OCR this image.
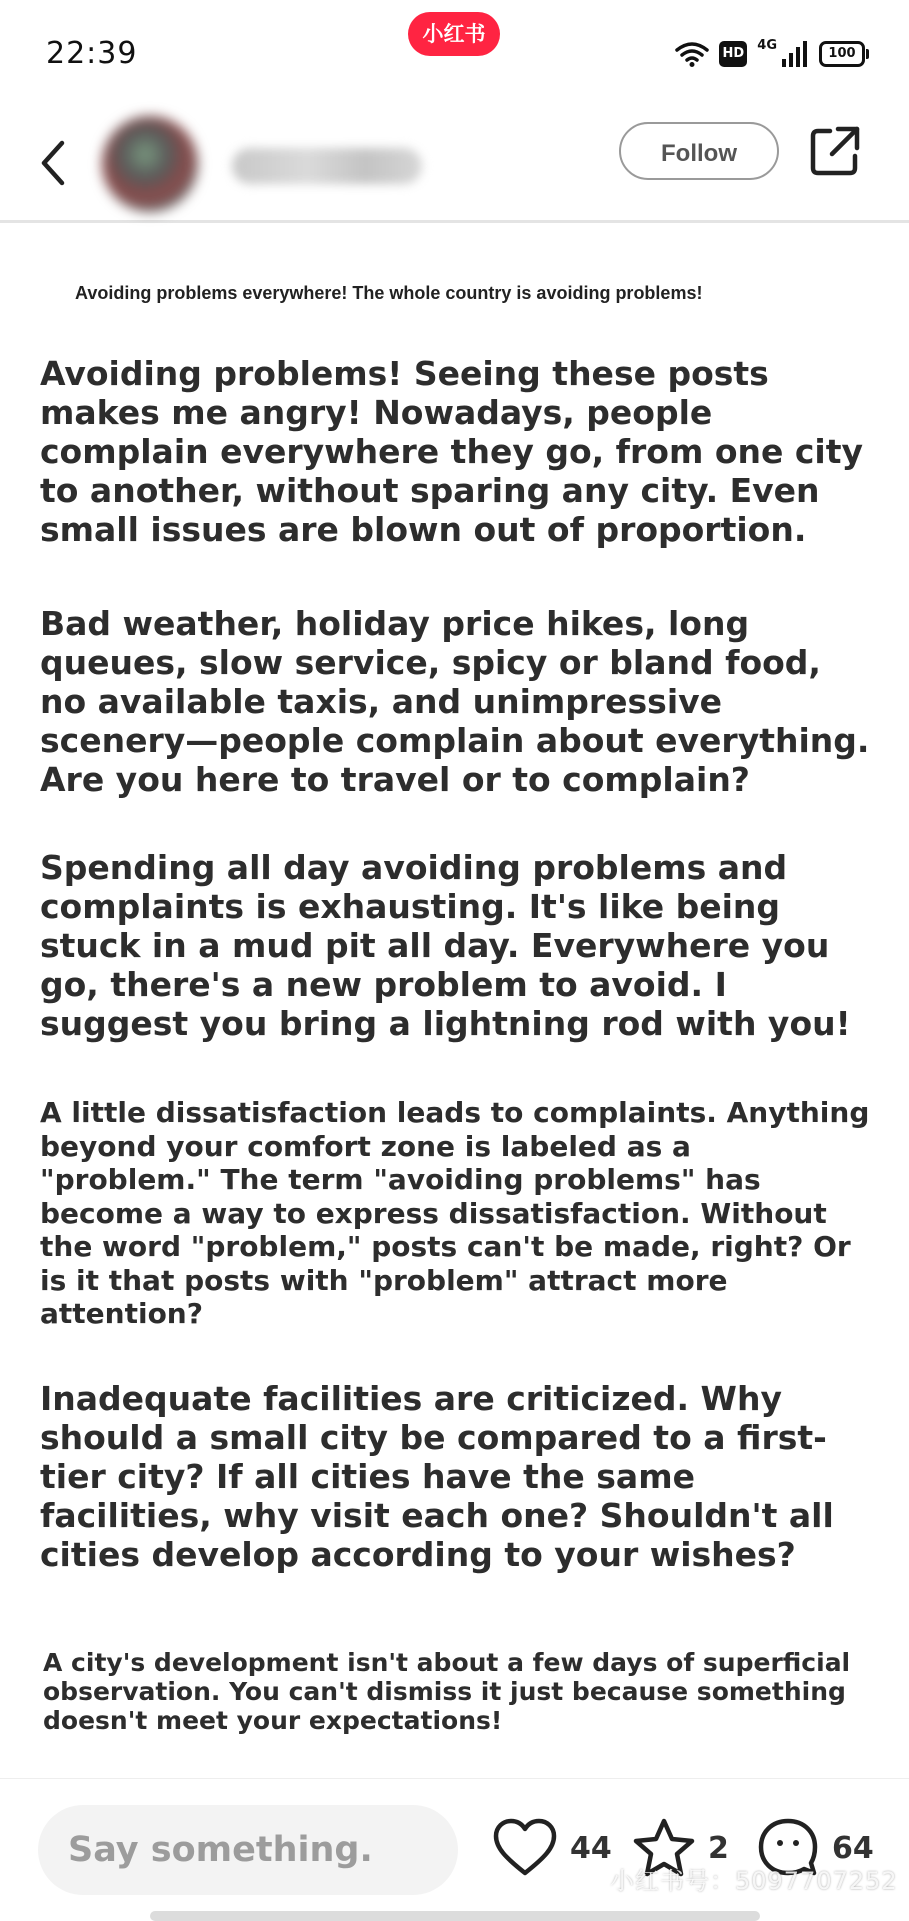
22:39
小红书
HD
4G
100
Follow
Avoiding problems everywhere! The whole country is avoiding problems!

Avoiding problems! Seeing these posts makes me angry! Nowadays, people complain everywhere they go, from one city to another, without sparing any city. Even small issues are blown out of proportion.

Bad weather, holiday price hikes, long queues, slow service, spicy or bland food, no available taxis, and unimpressive scenery—people complain about everything. Are you here to travel or to complain?

Spending all day avoiding problems and complaints is exhausting. It's like being stuck in a mud pit all day. Everywhere you go, there's a new problem to avoid. I suggest you bring a lightning rod with you!

A little dissatisfaction leads to complaints. Anything beyond your comfort zone is labeled as a "problem." The term "avoiding problems" has become a way to express dissatisfaction. Without the word "problem," posts can't be made, right? Or is it that posts with "problem" attract more attention?

Inadequate facilities are criticized. Why should a small city be compared to a first-tier city? If all cities have the same facilities, why visit each one? Shouldn't all cities develop according to your wishes?

A city's development isn't about a few days of superficial observation. You can't dismiss it just because something doesn't meet your expectations!

Say something.
44	2	64
小红书号：5097707252
